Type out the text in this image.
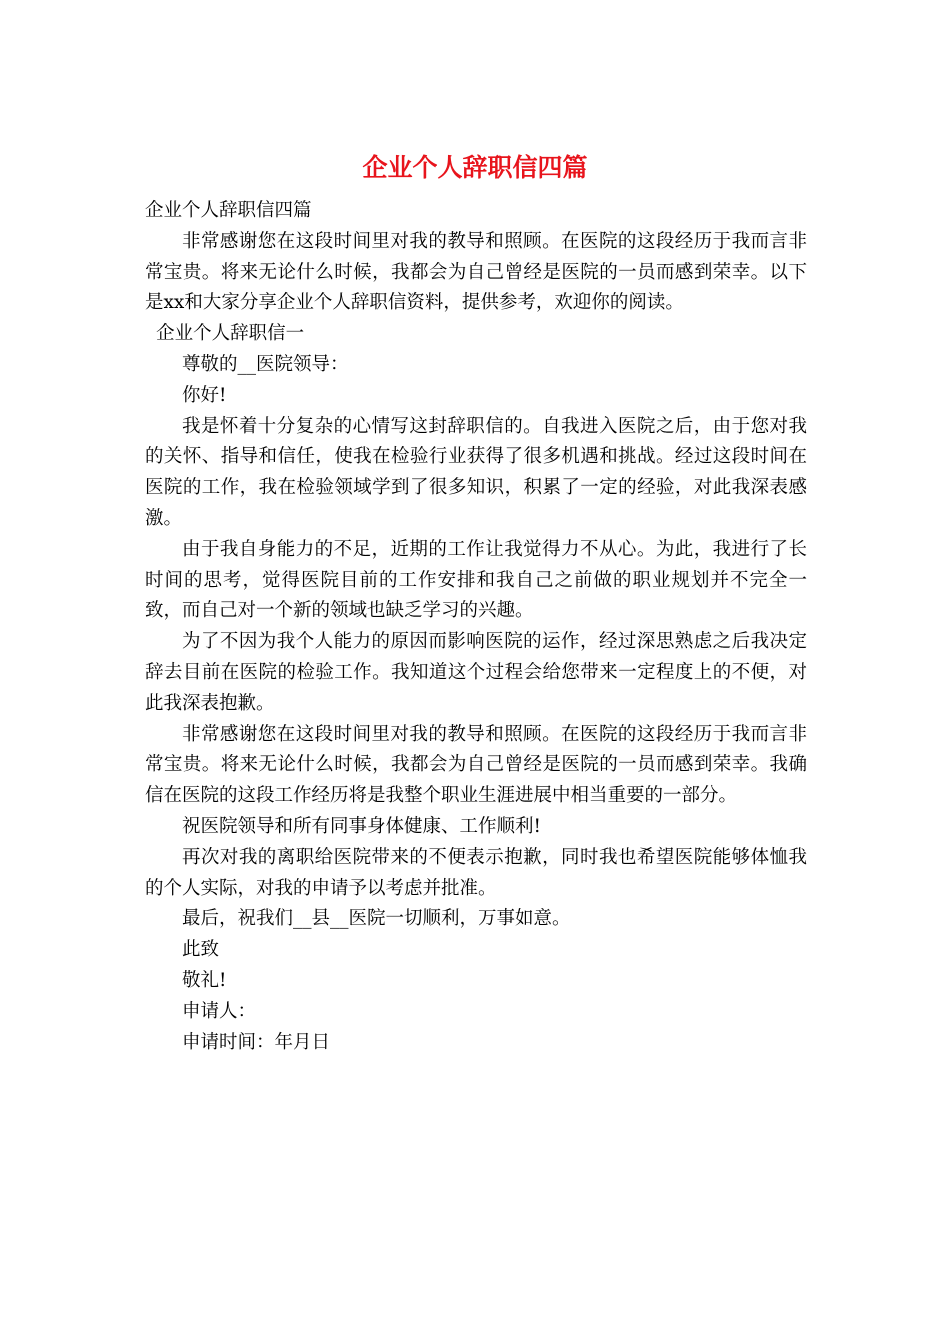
企业个人辞职信四篇

企业个人辞职信四篇

非常感谢您在这段时间里对我的教导和照顾。在医院的这段经历于我而言非常宝贵。将来无论什么时候，我都会为自己曾经是医院的一员而感到荣幸。以下是xx和大家分享企业个人辞职信资料，提供参考，欢迎你的阅读。

企业个人辞职信一

尊敬的__医院领导：

你好!

我是怀着十分复杂的心情写这封辞职信的。自我进入医院之后，由于您对我的关怀、指导和信任，使我在检验行业获得了很多机遇和挑战。经过这段时间在医院的工作，我在检验领域学到了很多知识，积累了一定的经验，对此我深表感激。

由于我自身能力的不足，近期的工作让我觉得力不从心。为此，我进行了长时间的思考，觉得医院目前的工作安排和我自己之前做的职业规划并不完全一致，而自己对一个新的领域也缺乏学习的兴趣。

为了不因为我个人能力的原因而影响医院的运作，经过深思熟虑之后我决定辞去目前在医院的检验工作。我知道这个过程会给您带来一定程度上的不便，对此我深表抱歉。

非常感谢您在这段时间里对我的教导和照顾。在医院的这段经历于我而言非常宝贵。将来无论什么时候，我都会为自己曾经是医院的一员而感到荣幸。我确信在医院的这段工作经历将是我整个职业生涯进展中相当重要的一部分。

祝医院领导和所有同事身体健康、工作顺利!

再次对我的离职给医院带来的不便表示抱歉，同时我也希望医院能够体恤我的个人实际，对我的申请予以考虑并批准。

最后，祝我们__县__医院一切顺利，万事如意。

此致

敬礼!

申请人：

申请时间：年月日
